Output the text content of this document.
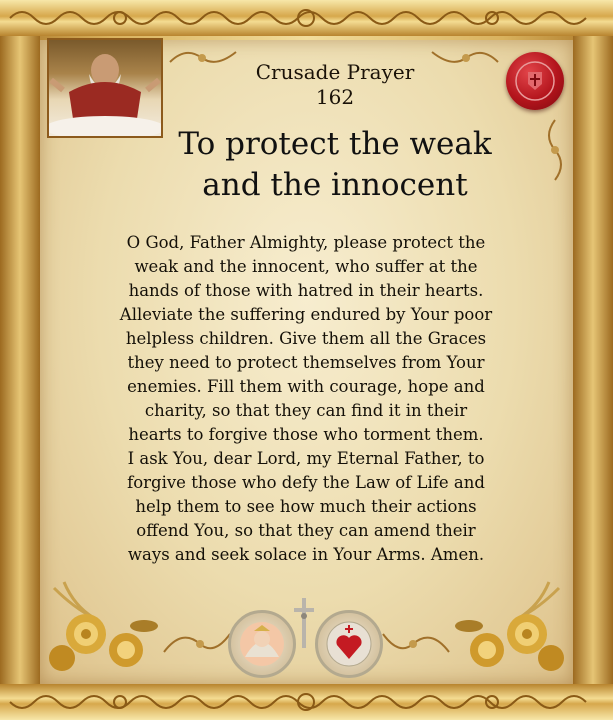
Crusade Prayer
162
To protect the weak
and the innocent
O God, Father Almighty, please protect the
weak and the innocent, who suffer at the
hands of those with hatred in their hearts.
Alleviate the suffering endured by Your poor
helpless children. Give them all the Graces
they need to protect themselves from Your
enemies. Fill them with courage, hope and
charity, so that they can find it in their
hearts to forgive those who torment them.
I ask You, dear Lord, my Eternal Father, to
forgive those who defy the Law of Life and
help them to see how much their actions
offend You, so that they can amend their
ways and seek solace in Your Arms. Amen.
